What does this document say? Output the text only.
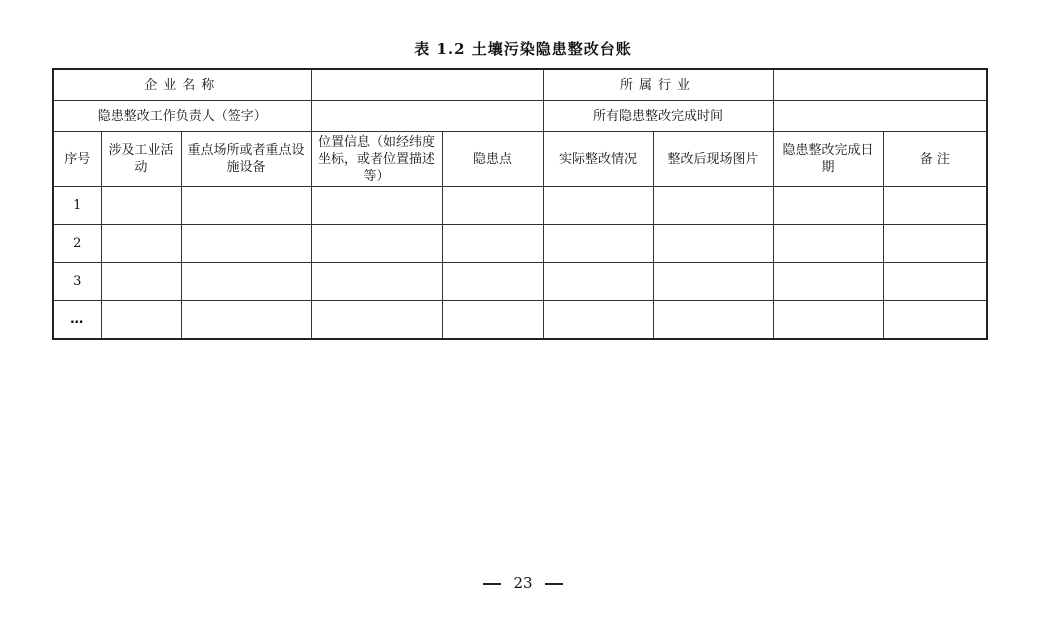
表 1.2 土壤污染隐患整改台账
企业名称					所属行业			
隐患整改工作负责人（签字）					所有隐患整改完成时间			
序号	涉及工业活动	重点场所或者重点设施设备	位置信息（如经纬度坐标，或者位置描述等）	隐患点	实际整改情况	整改后现场图片	隐患整改完成日期	备 注
1								
2								
3								
…								
23
